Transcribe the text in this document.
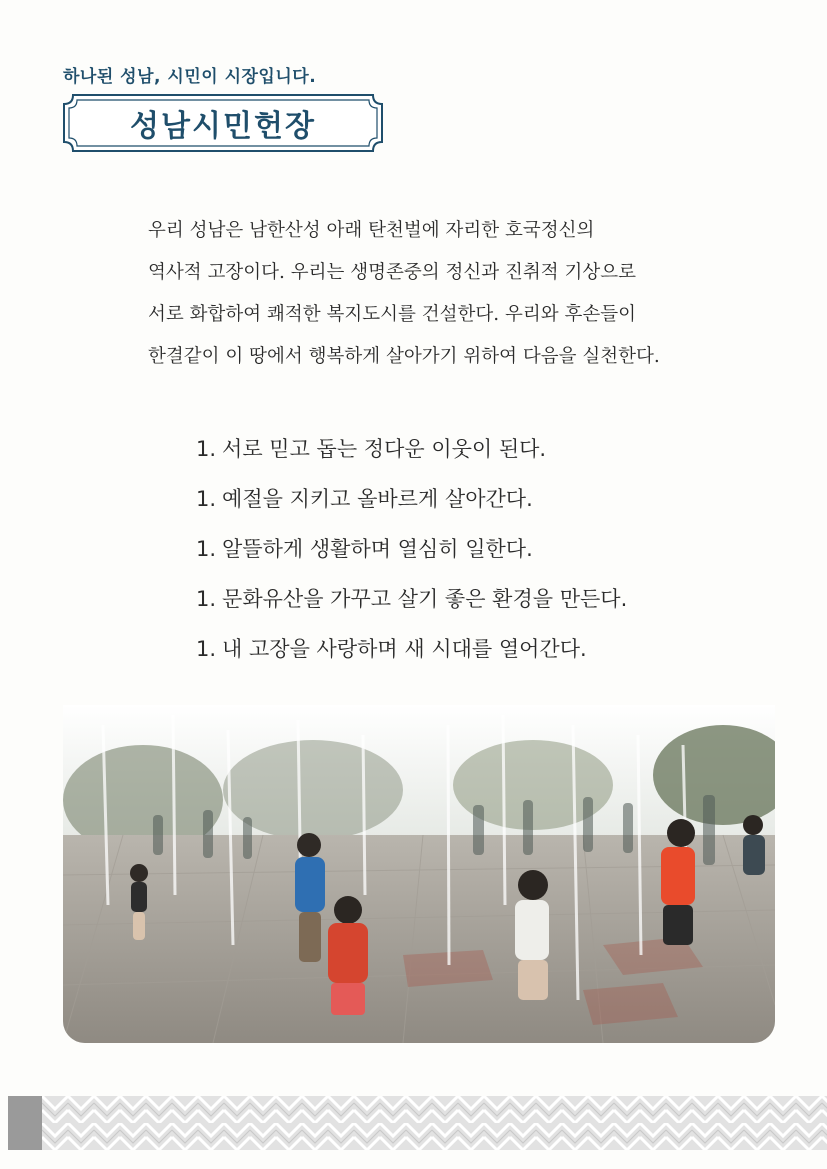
하나된 성남, 시민이 시장입니다.
성남시민헌장
우리 성남은 남한산성 아래 탄천벌에 자리한 호국정신의
역사적 고장이다. 우리는 생명존중의 정신과 진취적 기상으로
서로 화합하여 쾌적한 복지도시를 건설한다. 우리와 후손들이
한결같이 이 땅에서 행복하게 살아가기 위하여 다음을 실천한다.
1. 서로 믿고 돕는 정다운 이웃이 된다.
1. 예절을 지키고 올바르게 살아간다.
1. 알뜰하게 생활하며 열심히 일한다.
1. 문화유산을 가꾸고 살기 좋은 환경을 만든다.
1. 내 고장을 사랑하며 새 시대를 열어간다.
